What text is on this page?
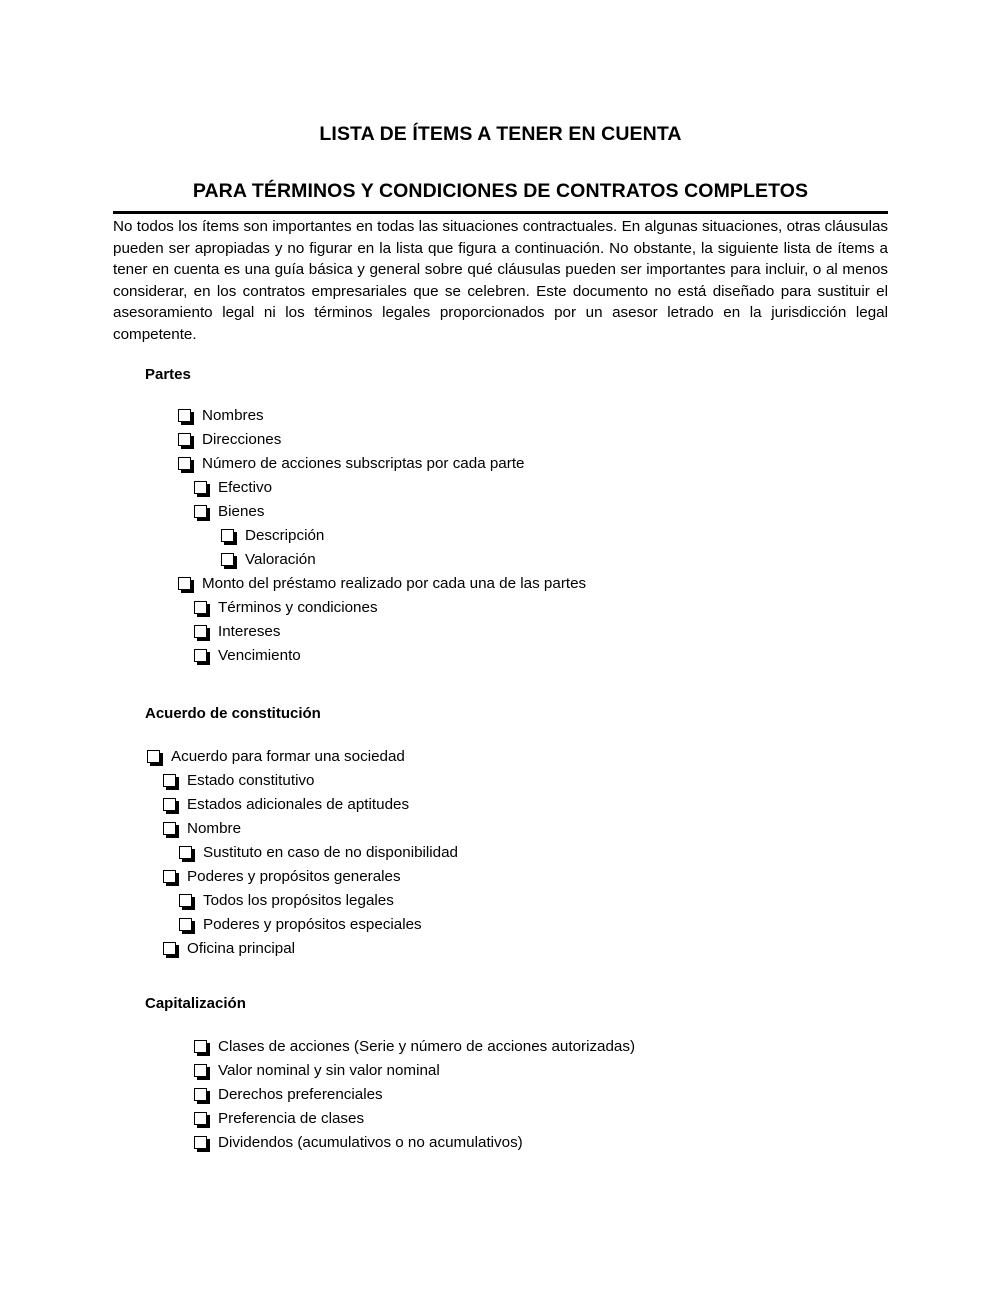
LISTA DE ÍTEMS A TENER EN CUENTA
PARA TÉRMINOS Y CONDICIONES DE CONTRATOS COMPLETOS

No todos los ítems son importantes en todas las situaciones contractuales. En algunas situaciones, otras cláusulas pueden ser apropiadas y no figurar en la lista que figura a continuación. No obstante, la siguiente lista de ítems a tener en cuenta es una guía básica y general sobre qué cláusulas pueden ser importantes para incluir, o al menos considerar, en los contratos empresariales que se celebren. Este documento no está diseñado para sustituir el asesoramiento legal ni los términos legales proporcionados por un asesor letrado en la jurisdicción legal competente.

Partes
Nombres
Direcciones
Número de acciones subscriptas por cada parte
Efectivo
Bienes
Descripción
Valoración
Monto del préstamo realizado por cada una de las partes
Términos y condiciones
Intereses
Vencimiento
Acuerdo de constitución
Acuerdo para formar una sociedad
Estado constitutivo
Estados adicionales de aptitudes
Nombre
Sustituto en caso de no disponibilidad
Poderes y propósitos generales
Todos los propósitos legales
Poderes y propósitos especiales
Oficina principal
Capitalización
Clases de acciones (Serie y número de acciones autorizadas)
Valor nominal y sin valor nominal
Derechos preferenciales
Preferencia de clases
Dividendos (acumulativos o no acumulativos)
